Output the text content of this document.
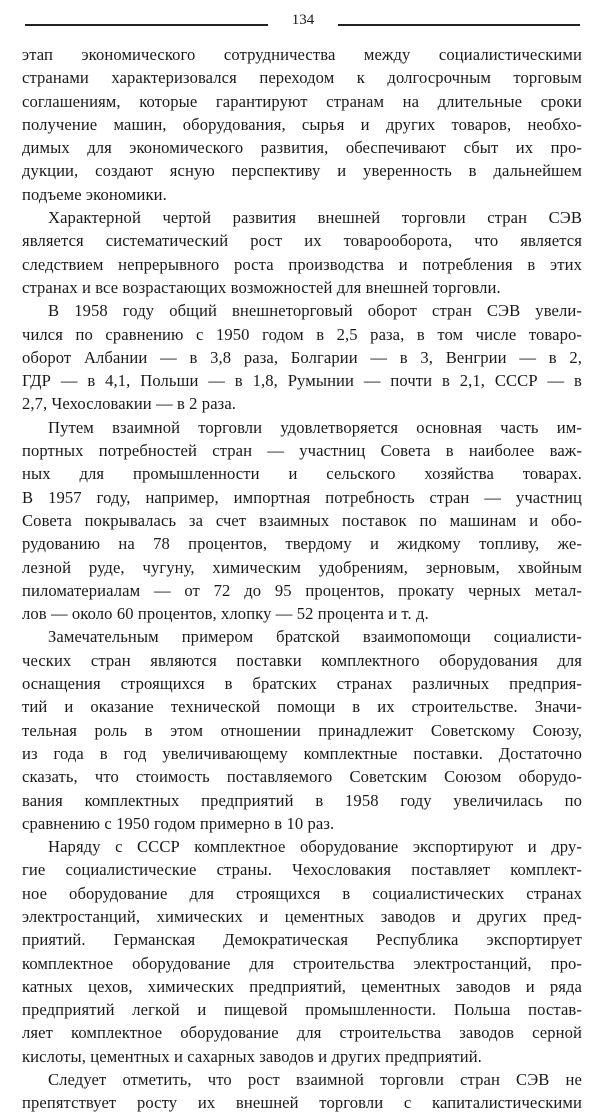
134
этап экономического сотрудничества между социалистическими
странами характеризовался переходом к долгосрочным торговым
соглашениям, которые гарантируют странам на длительные сроки
получение машин, оборудования, сырья и других товаров, необхо-
димых для экономического развития, обеспечивают сбыт их про-
дукции, создают ясную перспективу и уверенность в дальнейшем
подъеме экономики.
Характерной чертой развития внешней торговли стран СЭВ
является систематический рост их товарооборота, что является
следствием непрерывного роста производства и потребления в этих
странах и все возрастающих возможностей для внешней торговли.
В 1958 году общий внешнеторговый оборот стран СЭВ увели-
чился по сравнению с 1950 годом в 2,5 раза, в том числе товаро-
оборот Албании — в 3,8 раза, Болгарии — в 3, Венгрии — в 2,
ГДР — в 4,1, Польши — в 1,8, Румынии — почти в 2,1, СССР — в
2,7, Чехословакии — в 2 раза.
Путем взаимной торговли удовлетворяется основная часть им-
портных потребностей стран — участниц Совета в наиболее важ-
ных для промышленности и сельского хозяйства товарах.
В 1957 году, например, импортная потребность стран — участниц
Совета покрывалась за счет взаимных поставок по машинам и обо-
рудованию на 78 процентов, твердому и жидкому топливу, же-
лезной руде, чугуну, химическим удобрениям, зерновым, хвойным
пиломатериалам — от 72 до 95 процентов, прокату черных метал-
лов — около 60 процентов, хлопку — 52 процента и т. д.
Замечательным примером братской взаимопомощи социалисти-
ческих стран являются поставки комплектного оборудования для
оснащения строящихся в братских странах различных предприя-
тий и оказание технической помощи в их строительстве. Значи-
тельная роль в этом отношении принадлежит Советскому Союзу,
из года в год увеличивающему комплектные поставки. Достаточно
сказать, что стоимость поставляемого Советским Союзом оборудо-
вания комплектных предприятий в 1958 году увеличилась по
сравнению с 1950 годом примерно в 10 раз.
Наряду с СССР комплектное оборудование экспортируют и дру-
гие социалистические страны. Чехословакия поставляет комплект-
ное оборудование для строящихся в социалистических странах
электростанций, химических и цементных заводов и других пред-
приятий. Германская Демократическая Республика экспортирует
комплектное оборудование для строительства электростанций, про-
катных цехов, химических предприятий, цементных заводов и ряда
предприятий легкой и пищевой промышленности. Польша постав-
ляет комплектное оборудование для строительства заводов серной
кислоты, цементных и сахарных заводов и других предприятий.
Следует отметить, что рост взаимной торговли стран СЭВ не
препятствует росту их внешней торговли с капиталистическими
